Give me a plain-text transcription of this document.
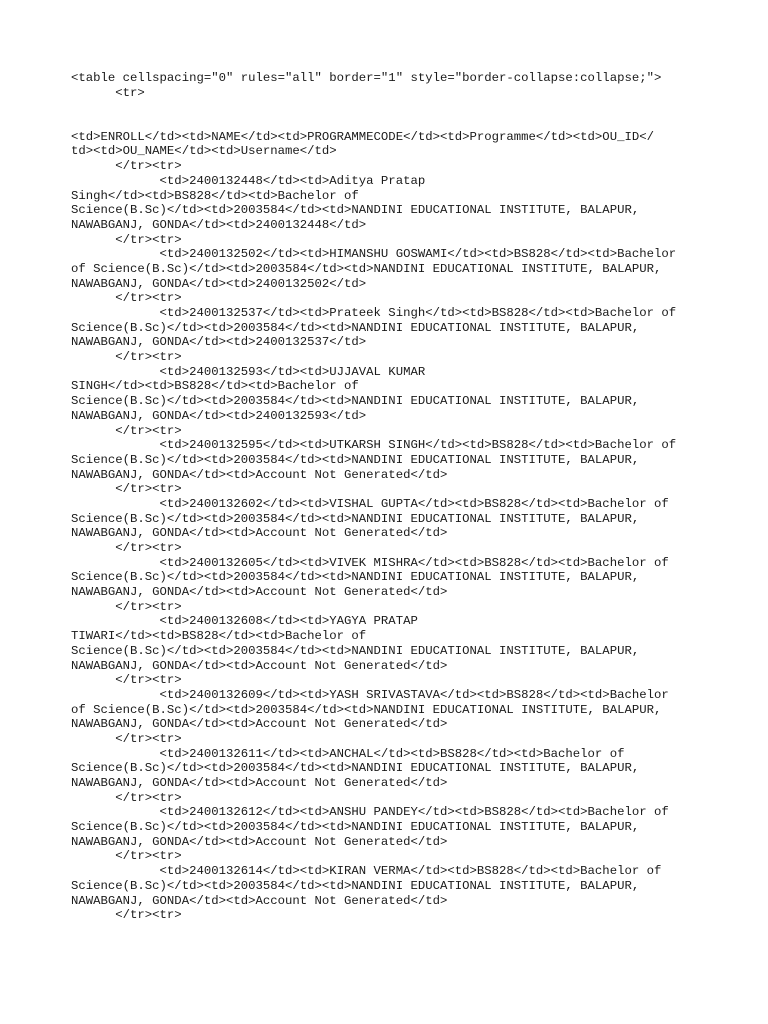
<table cellspacing="0" rules="all" border="1" style="border-collapse:collapse;">
<tr>
<td>ENROLL</td><td>NAME</td><td>PROGRAMMECODE</td><td>Programme</td><td>OU_ID</
td><td>OU_NAME</td><td>Username</td>
</tr><tr>
<td>2400132448</td><td>Aditya Pratap
Singh</td><td>BS828</td><td>Bachelor of
Science(B.Sc)</td><td>2003584</td><td>NANDINI EDUCATIONAL INSTITUTE, BALAPUR,
NAWABGANJ, GONDA</td><td>2400132448</td>
</tr><tr>
<td>2400132502</td><td>HIMANSHU GOSWAMI</td><td>BS828</td><td>Bachelor
of Science(B.Sc)</td><td>2003584</td><td>NANDINI EDUCATIONAL INSTITUTE, BALAPUR,
NAWABGANJ, GONDA</td><td>2400132502</td>
</tr><tr>
<td>2400132537</td><td>Prateek Singh</td><td>BS828</td><td>Bachelor of
Science(B.Sc)</td><td>2003584</td><td>NANDINI EDUCATIONAL INSTITUTE, BALAPUR,
NAWABGANJ, GONDA</td><td>2400132537</td>
</tr><tr>
<td>2400132593</td><td>UJJAVAL KUMAR
SINGH</td><td>BS828</td><td>Bachelor of
Science(B.Sc)</td><td>2003584</td><td>NANDINI EDUCATIONAL INSTITUTE, BALAPUR,
NAWABGANJ, GONDA</td><td>2400132593</td>
</tr><tr>
<td>2400132595</td><td>UTKARSH SINGH</td><td>BS828</td><td>Bachelor of
Science(B.Sc)</td><td>2003584</td><td>NANDINI EDUCATIONAL INSTITUTE, BALAPUR,
NAWABGANJ, GONDA</td><td>Account Not Generated</td>
</tr><tr>
<td>2400132602</td><td>VISHAL GUPTA</td><td>BS828</td><td>Bachelor of
Science(B.Sc)</td><td>2003584</td><td>NANDINI EDUCATIONAL INSTITUTE, BALAPUR,
NAWABGANJ, GONDA</td><td>Account Not Generated</td>
</tr><tr>
<td>2400132605</td><td>VIVEK MISHRA</td><td>BS828</td><td>Bachelor of
Science(B.Sc)</td><td>2003584</td><td>NANDINI EDUCATIONAL INSTITUTE, BALAPUR,
NAWABGANJ, GONDA</td><td>Account Not Generated</td>
</tr><tr>
<td>2400132608</td><td>YAGYA PRATAP
TIWARI</td><td>BS828</td><td>Bachelor of
Science(B.Sc)</td><td>2003584</td><td>NANDINI EDUCATIONAL INSTITUTE, BALAPUR,
NAWABGANJ, GONDA</td><td>Account Not Generated</td>
</tr><tr>
<td>2400132609</td><td>YASH SRIVASTAVA</td><td>BS828</td><td>Bachelor
of Science(B.Sc)</td><td>2003584</td><td>NANDINI EDUCATIONAL INSTITUTE, BALAPUR,
NAWABGANJ, GONDA</td><td>Account Not Generated</td>
</tr><tr>
<td>2400132611</td><td>ANCHAL</td><td>BS828</td><td>Bachelor of
Science(B.Sc)</td><td>2003584</td><td>NANDINI EDUCATIONAL INSTITUTE, BALAPUR,
NAWABGANJ, GONDA</td><td>Account Not Generated</td>
</tr><tr>
<td>2400132612</td><td>ANSHU PANDEY</td><td>BS828</td><td>Bachelor of
Science(B.Sc)</td><td>2003584</td><td>NANDINI EDUCATIONAL INSTITUTE, BALAPUR,
NAWABGANJ, GONDA</td><td>Account Not Generated</td>
</tr><tr>
<td>2400132614</td><td>KIRAN VERMA</td><td>BS828</td><td>Bachelor of
Science(B.Sc)</td><td>2003584</td><td>NANDINI EDUCATIONAL INSTITUTE, BALAPUR,
NAWABGANJ, GONDA</td><td>Account Not Generated</td>
</tr><tr>
